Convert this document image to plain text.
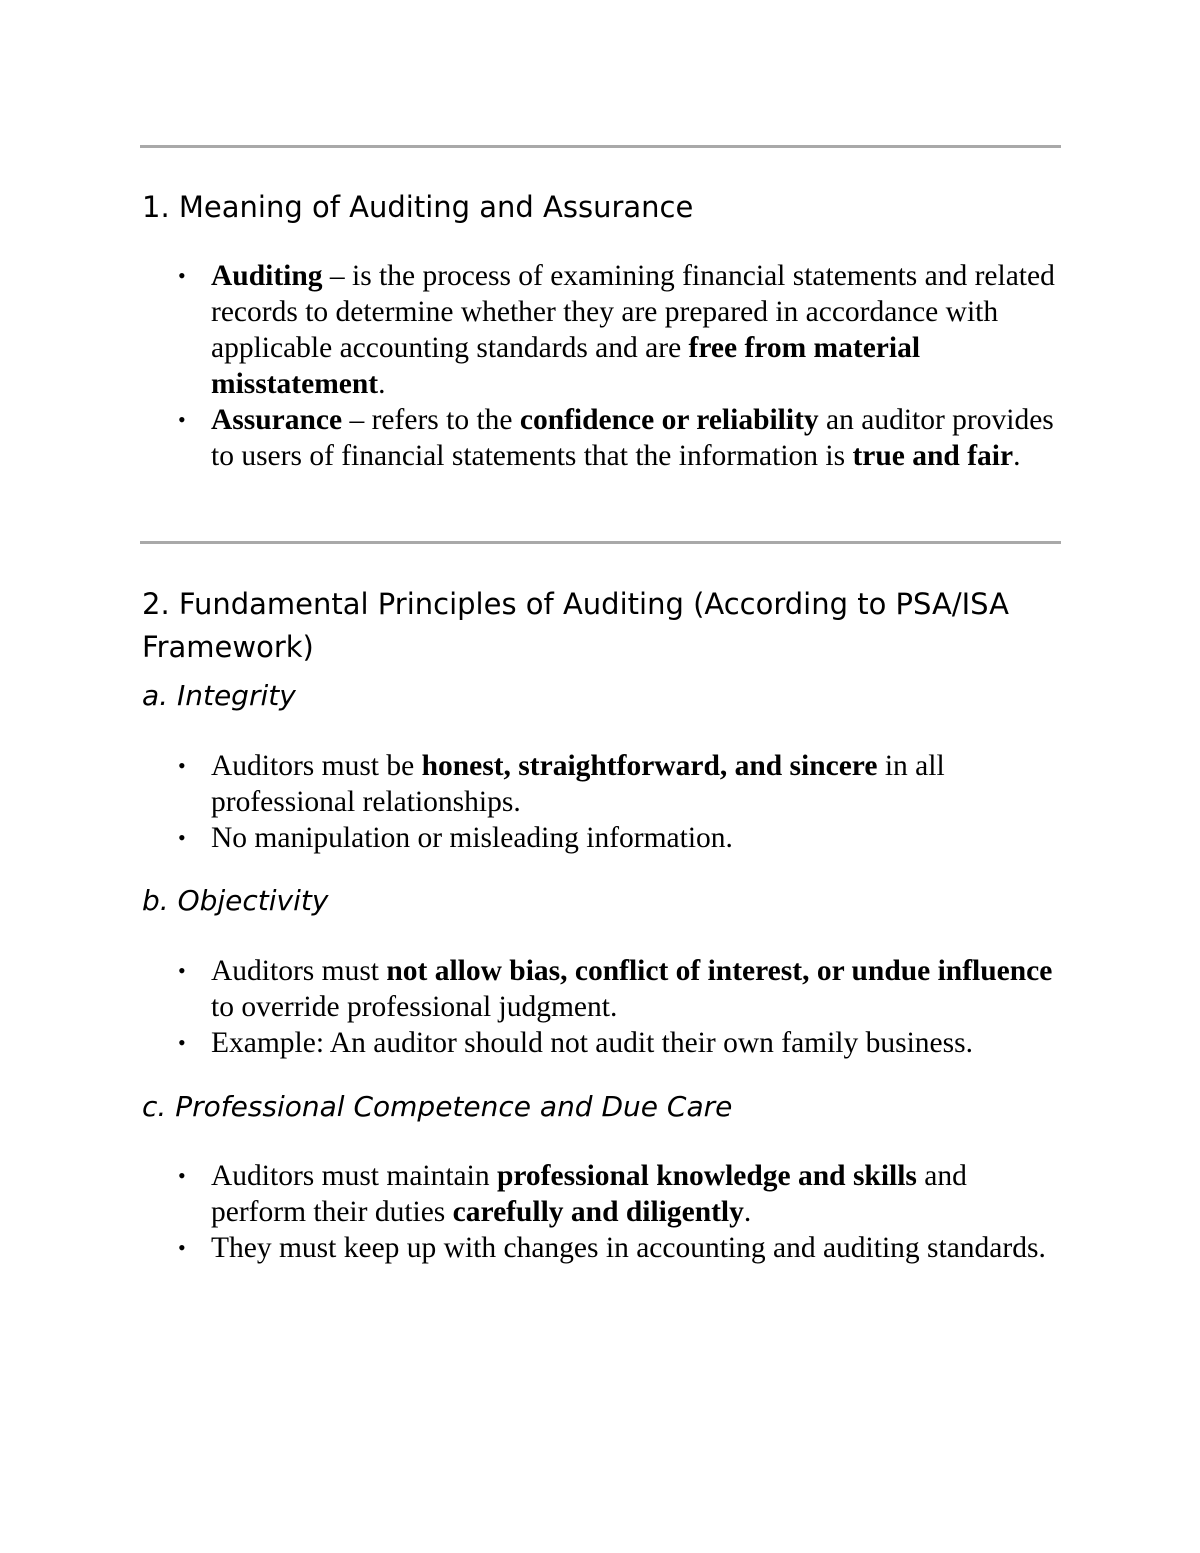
1. Meaning of Auditing and Assurance
• Auditing – is the process of examining financial statements and related records to determine whether they are prepared in accordance with applicable accounting standards and are free from material misstatement.
• Assurance – refers to the confidence or reliability an auditor provides to users of financial statements that the information is true and fair.
2. Fundamental Principles of Auditing (According to PSA/ISA Framework)
a. Integrity
• Auditors must be honest, straightforward, and sincere in all professional relationships.
• No manipulation or misleading information.
b. Objectivity
• Auditors must not allow bias, conflict of interest, or undue influence to override professional judgment.
• Example: An auditor should not audit their own family business.
c. Professional Competence and Due Care
• Auditors must maintain professional knowledge and skills and perform their duties carefully and diligently.
• They must keep up with changes in accounting and auditing standards.
